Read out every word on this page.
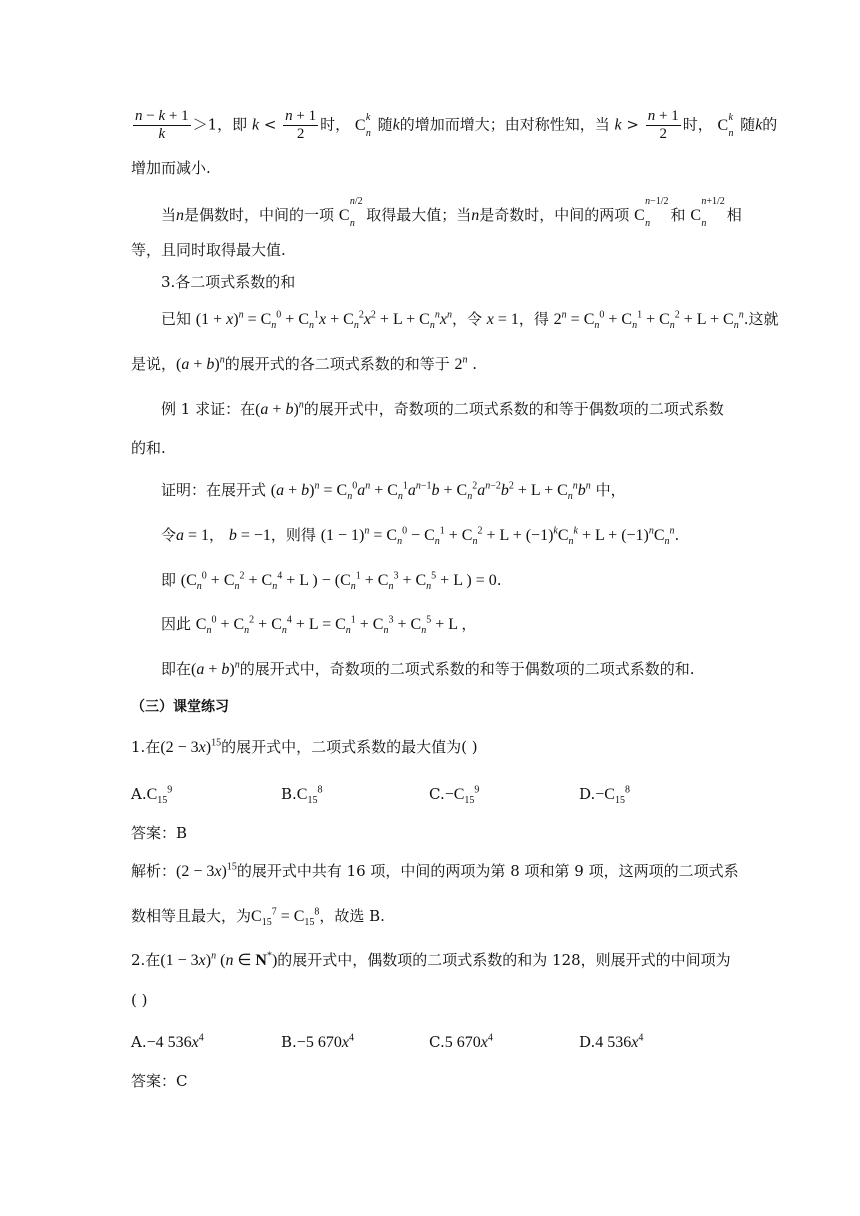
$\frac{n - k + 1}{k} >1$，即 $k < \frac{n + 1}{2}$ 时， C k
n 随k的增加而增大；由对称性知，当 $k > \frac{n + 1}{2}$ 时， C k
n 随k的
增加而减小.
当n是偶数时，中间的一项 C
n/2
n 取得最大值；当n是奇数时，中间的两项 C
n−1/2
n 和 C
n+1/2
n 相
等，且同时取得最大值.
3.各二项式系数的和
已知 $(1 + x)^n = C_n^0 + C_n^1x + C_n^2x^2 + L + C_n^nx^n$，令 x = 1，得 $2^n = C_n^0 + C_n^1 + C_n^2 + L + C_n^n$.这就
是说，$(a + b)^n$的展开式的各二项式系数的和等于 2$^n$ .
例 1 求证：在$(a + b)^n$的展开式中，奇数项的二项式系数的和等于偶数项的二项式系数
的和.
证明：在展开式 $(a + b)^n = C_n^0a^n + C_n^1a^{n-1}b + C_n^2a^{n-2}b^2 + L + C_n^nb^n$ 中，
令a = 1， b = −1，则得 $(1 - 1)^n = C_n^0 - C_n^1 + C_n^2 + L + (-1)^kC_n^k + L + (-1)^nC_n^n$.
即 ($C_n^0 + C_n^2 + C_n^4 + L$ ) − ($C_n^1 + C_n^3 + C_n^5 + L$ ) = 0.
因此 $C_n^0 + C_n^2 + C_n^4 + L = C_n^1 + C_n^3 + C_n^5 + L$ ，
即在$(a + b)^n$的展开式中，奇数项的二项式系数的和等于偶数项的二项式系数的和.
（三）课堂练习
1.在$(2 - 3x)^{15}$的展开式中，二项式系数的最大值为( )
$A.C_{15}^9$	$B.C_{15}^8$	$C.-C_{15}^9$	$D.-C_{15}^8$
答案：B
解析：$(2 - 3x)^{15}$的展开式中共有 16 项，中间的两项为第 8 项和第 9 项，这两项的二项式系
数相等且最大，为$C_{15}^7 = C_{15}^8$，故选 B.
2.在$(1 - 3x)^n$ (n ∈ N*)的展开式中，偶数项的二项式系数的和为 128，则展开式的中间项为
( )
A.−4 $536x^4$	B.−5 $670x^4$	C.5 $670x^4$	D.4 $536x^4$
答案：C
